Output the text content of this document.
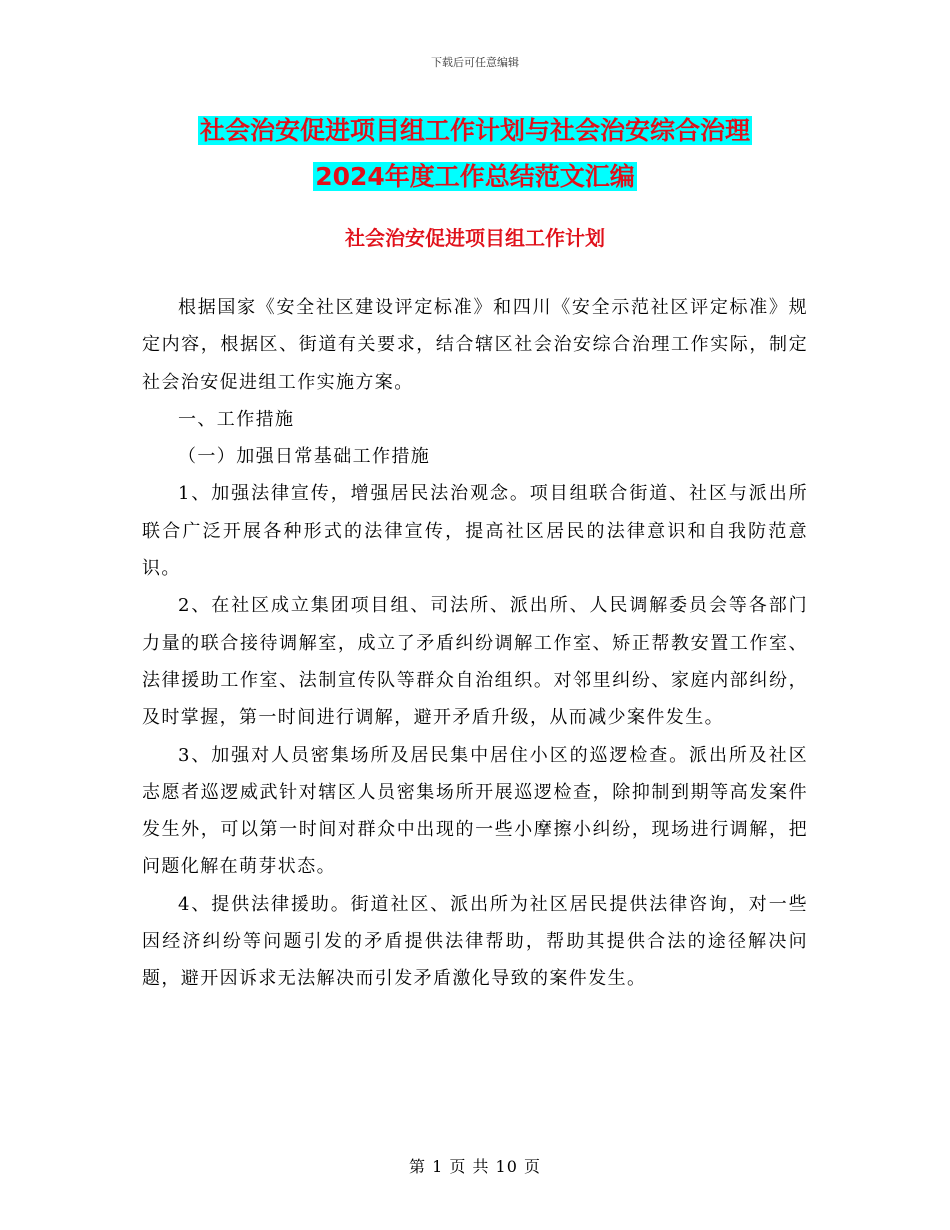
下载后可任意编辑
社会治安促进项目组工作计划与社会治安综合治理
2024年度工作总结范文汇编
社会治安促进项目组工作计划

根据国家《安全社区建设评定标准》和四川《安全示范社区评定标准》规定内容，根据区、街道有关要求，结合辖区社会治安综合治理工作实际，制定社会治安促进组工作实施方案。

一、工作措施

（一）加强日常基础工作措施

1、加强法律宣传，增强居民法治观念。项目组联合街道、社区与派出所联合广泛开展各种形式的法律宣传，提高社区居民的法律意识和自我防范意识。

2、在社区成立集团项目组、司法所、派出所、人民调解委员会等各部门力量的联合接待调解室，成立了矛盾纠纷调解工作室、矫正帮教安置工作室、法律援助工作室、法制宣传队等群众自治组织。对邻里纠纷、家庭内部纠纷，及时掌握，第一时间进行调解，避开矛盾升级，从而减少案件发生。

3、加强对人员密集场所及居民集中居住小区的巡逻检查。派出所及社区志愿者巡逻威武针对辖区人员密集场所开展巡逻检查，除抑制到期等高发案件发生外，可以第一时间对群众中出现的一些小摩擦小纠纷，现场进行调解，把问题化解在萌芽状态。

4、提供法律援助。街道社区、派出所为社区居民提供法律咨询，对一些因经济纠纷等问题引发的矛盾提供法律帮助，帮助其提供合法的途径解决问题，避开因诉求无法解决而引发矛盾激化导致的案件发生。

第 1 页 共 10 页
